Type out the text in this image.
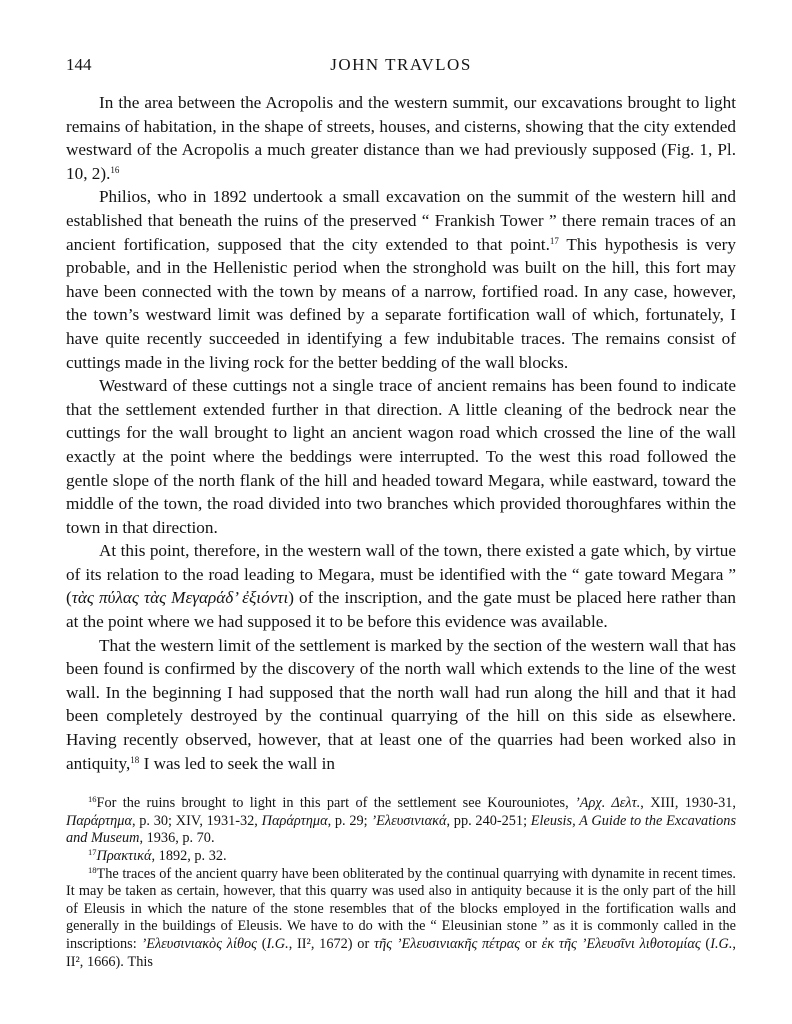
144	JOHN TRAVLOS

In the area between the Acropolis and the western summit, our excavations brought to light remains of habitation, in the shape of streets, houses, and cisterns, showing that the city extended westward of the Acropolis a much greater distance than we had previously supposed (Fig. 1, Pl. 10, 2).$^{16}$

Philios, who in 1892 undertook a small excavation on the summit of the western hill and established that beneath the ruins of the preserved “ Frankish Tower ” there remain traces of an ancient fortification, supposed that the city extended to that point.$^{17}$ This hypothesis is very probable, and in the Hellenistic period when the stronghold was built on the hill, this fort may have been connected with the town by means of a narrow, fortified road. In any case, however, the town’s westward limit was defined by a separate fortification wall of which, fortunately, I have quite recently succeeded in identifying a few indubitable traces. The remains consist of cuttings made in the living rock for the better bedding of the wall blocks.

Westward of these cuttings not a single trace of ancient remains has been found to indicate that the settlement extended further in that direction. A little cleaning of the bedrock near the cuttings for the wall brought to light an ancient wagon road which crossed the line of the wall exactly at the point where the beddings were interrupted. To the west this road followed the gentle slope of the north flank of the hill and headed toward Megara, while eastward, toward the middle of the town, the road divided into two branches which provided thoroughfares within the town in that direction.

At this point, therefore, in the western wall of the town, there existed a gate which, by virtue of its relation to the road leading to Megara, must be identified with the “ gate toward Megara ” (τὰς πύλας τὰς Μεγαράδ’ ἐξιόντι) of the inscription, and the gate must be placed here rather than at the point where we had supposed it to be before this evidence was available.

That the western limit of the settlement is marked by the section of the western wall that has been found is confirmed by the discovery of the north wall which extends to the line of the west wall. In the beginning I had supposed that the north wall had run along the hill and that it had been completely destroyed by the continual quarrying of the hill on this side as elsewhere. Having recently observed, however, that at least one of the quarries had been worked also in antiquity,$^{18}$ I was led to seek the wall in

$^{16}$For the ruins brought to light in this part of the settlement see Kourouniotes, ’Αρχ. Δελτ., XIII, 1930-31, Παράρτημα, p. 30; XIV, 1931-32, Παράρτημα, p. 29; ’Ελευσινιακά, pp. 240-251; Eleusis, A Guide to the Excavations and Museum, 1936, p. 70.

$^{17}$Πρακτικά, 1892, p. 32.

$^{18}$The traces of the ancient quarry have been obliterated by the continual quarrying with dynamite in recent times. It may be taken as certain, however, that this quarry was used also in antiquity because it is the only part of the hill of Eleusis in which the nature of the stone resembles that of the blocks employed in the fortification walls and generally in the buildings of Eleusis. We have to do with the “ Eleusinian stone ” as it is commonly called in the inscriptions: ’Ελευσινιακὸς λίθος (I.G., II², 1672) or τῆς ’Ελευσινιακῆς πέτρας or ἐκ τῆς ’Ελευσῖνι λιθοτομίας (I.G., II², 1666). This
